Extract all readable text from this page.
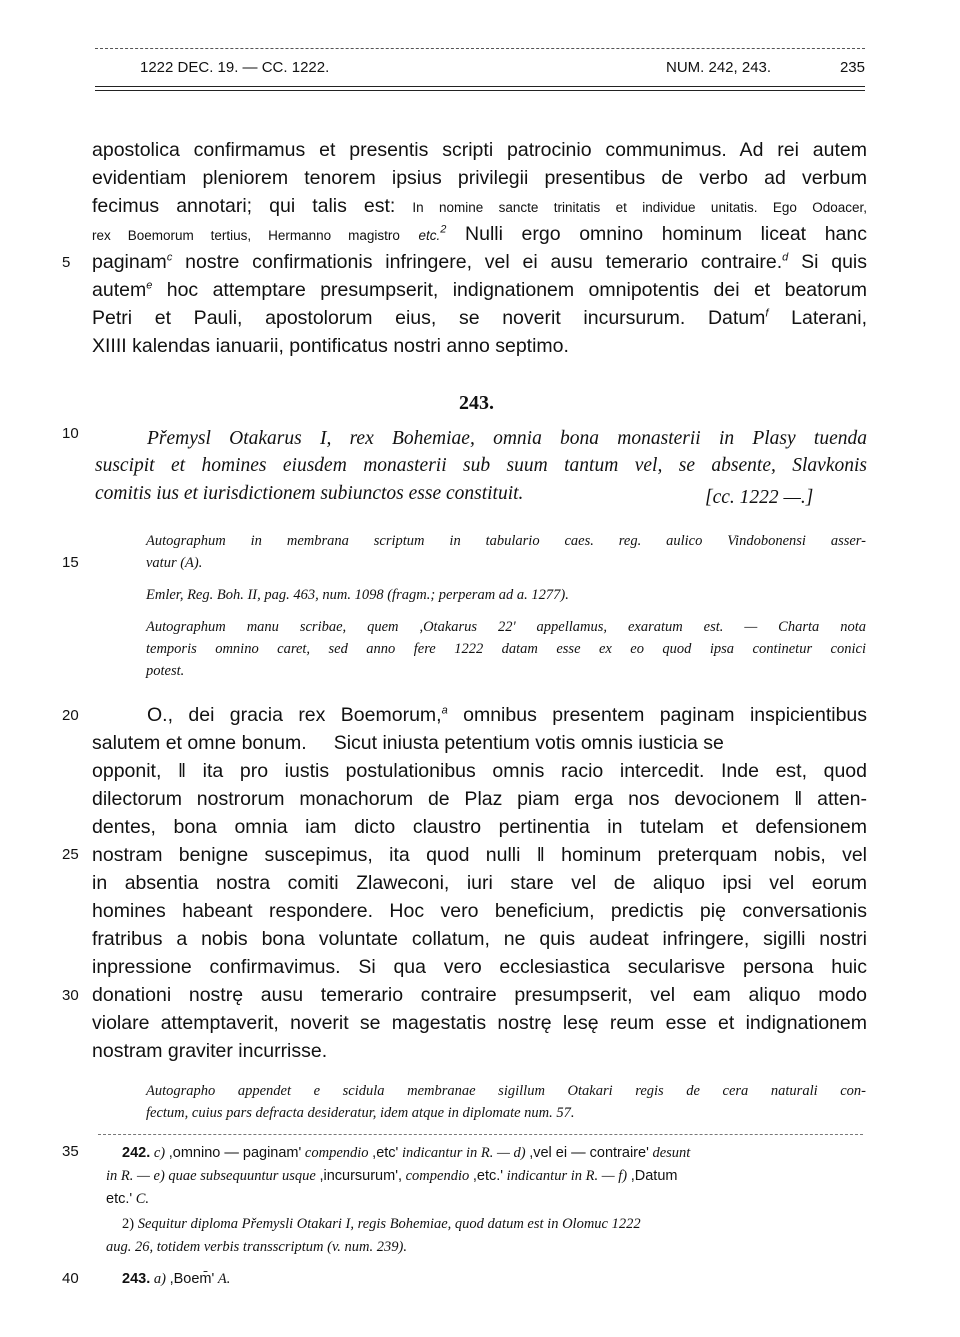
1222 DEC. 19. — CC. 1222.	NUM. 242, 243.	235
apostolica confirmamus et presentis scripti patrocinio communimus. Ad rei autem
evidentiam pleniorem tenorem ipsius privilegii presentibus de verbo ad verbum
fecimus annotari; qui talis est: In nomine sancte trinitatis et individue unitatis. Ego Odoacer,
rex Boemorum tertius, Hermanno magistro etc.$^2$ Nulli ergo omnino hominum liceat hanc
paginam$^c$ nostre confirmationis infringere, vel ei ausu temerario contraire.$^d$ Si quis
autem$^e$ hoc attemptare presumpserit, indignationem omnipotentis dei et beatorum
Petri et Pauli, apostolorum eius, se noverit incursurum. Datum$^f$ Laterani,
XIIII kalendas ianuarii, pontificatus nostri anno septimo.
5
10
15
20
25
30
35
40
243.
Přemysl Otakarus I, rex Bohemiae, omnia bona monasterii in Plasy tuenda
suscipit et homines eiusdem monasterii sub suum tantum vel, se absente, Slavkonis
comitis ius et iurisdictionem subiunctos esse constituit.	[cc. 1222 —.]
Autographum in membrana scriptum in tabulario caes. reg. aulico Vindobonensi asser-
vatur (A).
Emler, Reg. Boh. II, pag. 463, num. 1098 (fragm.; perperam ad a. 1277).
Autographum manu scribae, quem ,Otakarus 22' appellamus, exaratum est. — Charta nota
temporis omnino caret, sed anno fere 1222 datam esse ex eo quod ipsa continetur conici
potest.
O., dei gracia rex Boemorum,$^a$ omnibus presentem paginam inspicientibus
salutem et omne bonum.     Sicut iniusta petentium votis omnis iusticia se
opponit, ‖ ita pro iustis postulationibus omnis racio intercedit. Inde est, quod
dilectorum nostrorum monachorum de Plaz piam erga nos devocionem ‖ atten-
dentes, bona omnia iam dicto claustro pertinentia in tutelam et defensionem
nostram benigne suscepimus, ita quod nulli ‖ hominum preterquam nobis, vel
in absentia nostra comiti Zlaweconi, iuri stare vel de aliquo ipsi vel eorum
homines habeant respondere. Hoc vero beneficium, predictis pię conversationis
fratribus a nobis bona voluntate collatum, ne quis audeat infringere, sigilli nostri
inpressione confirmavimus. Si qua vero ecclesiastica secularisve persona huic
donationi nostrę ausu temerario contraire presumpserit, vel eam aliquo modo
violare attemptaverit, noverit se magestatis nostrę lesę reum esse et indignationem
nostram graviter incurrisse.
Autographo appendet e scidula membranae sigillum Otakari regis de cera naturali con-
fectum, cuius pars defracta desideratur, idem atque in diplomate num. 57.
242. c) ,omnino — paginam' compendio ,etc' indicantur in R. — d) ,vel ei — contraire' desunt
in R. — e) quae subsequuntur usque ,incursurum', compendio ,etc.' indicantur in R. — f) ,Datum
etc.' C.
2) Sequitur diploma Přemysli Otakari I, regis Bohemiae, quod datum est in Olomuc 1222
aug. 26, totidem verbis transscriptum (v. num. 239).
243. a) ,Boem̄' A.
